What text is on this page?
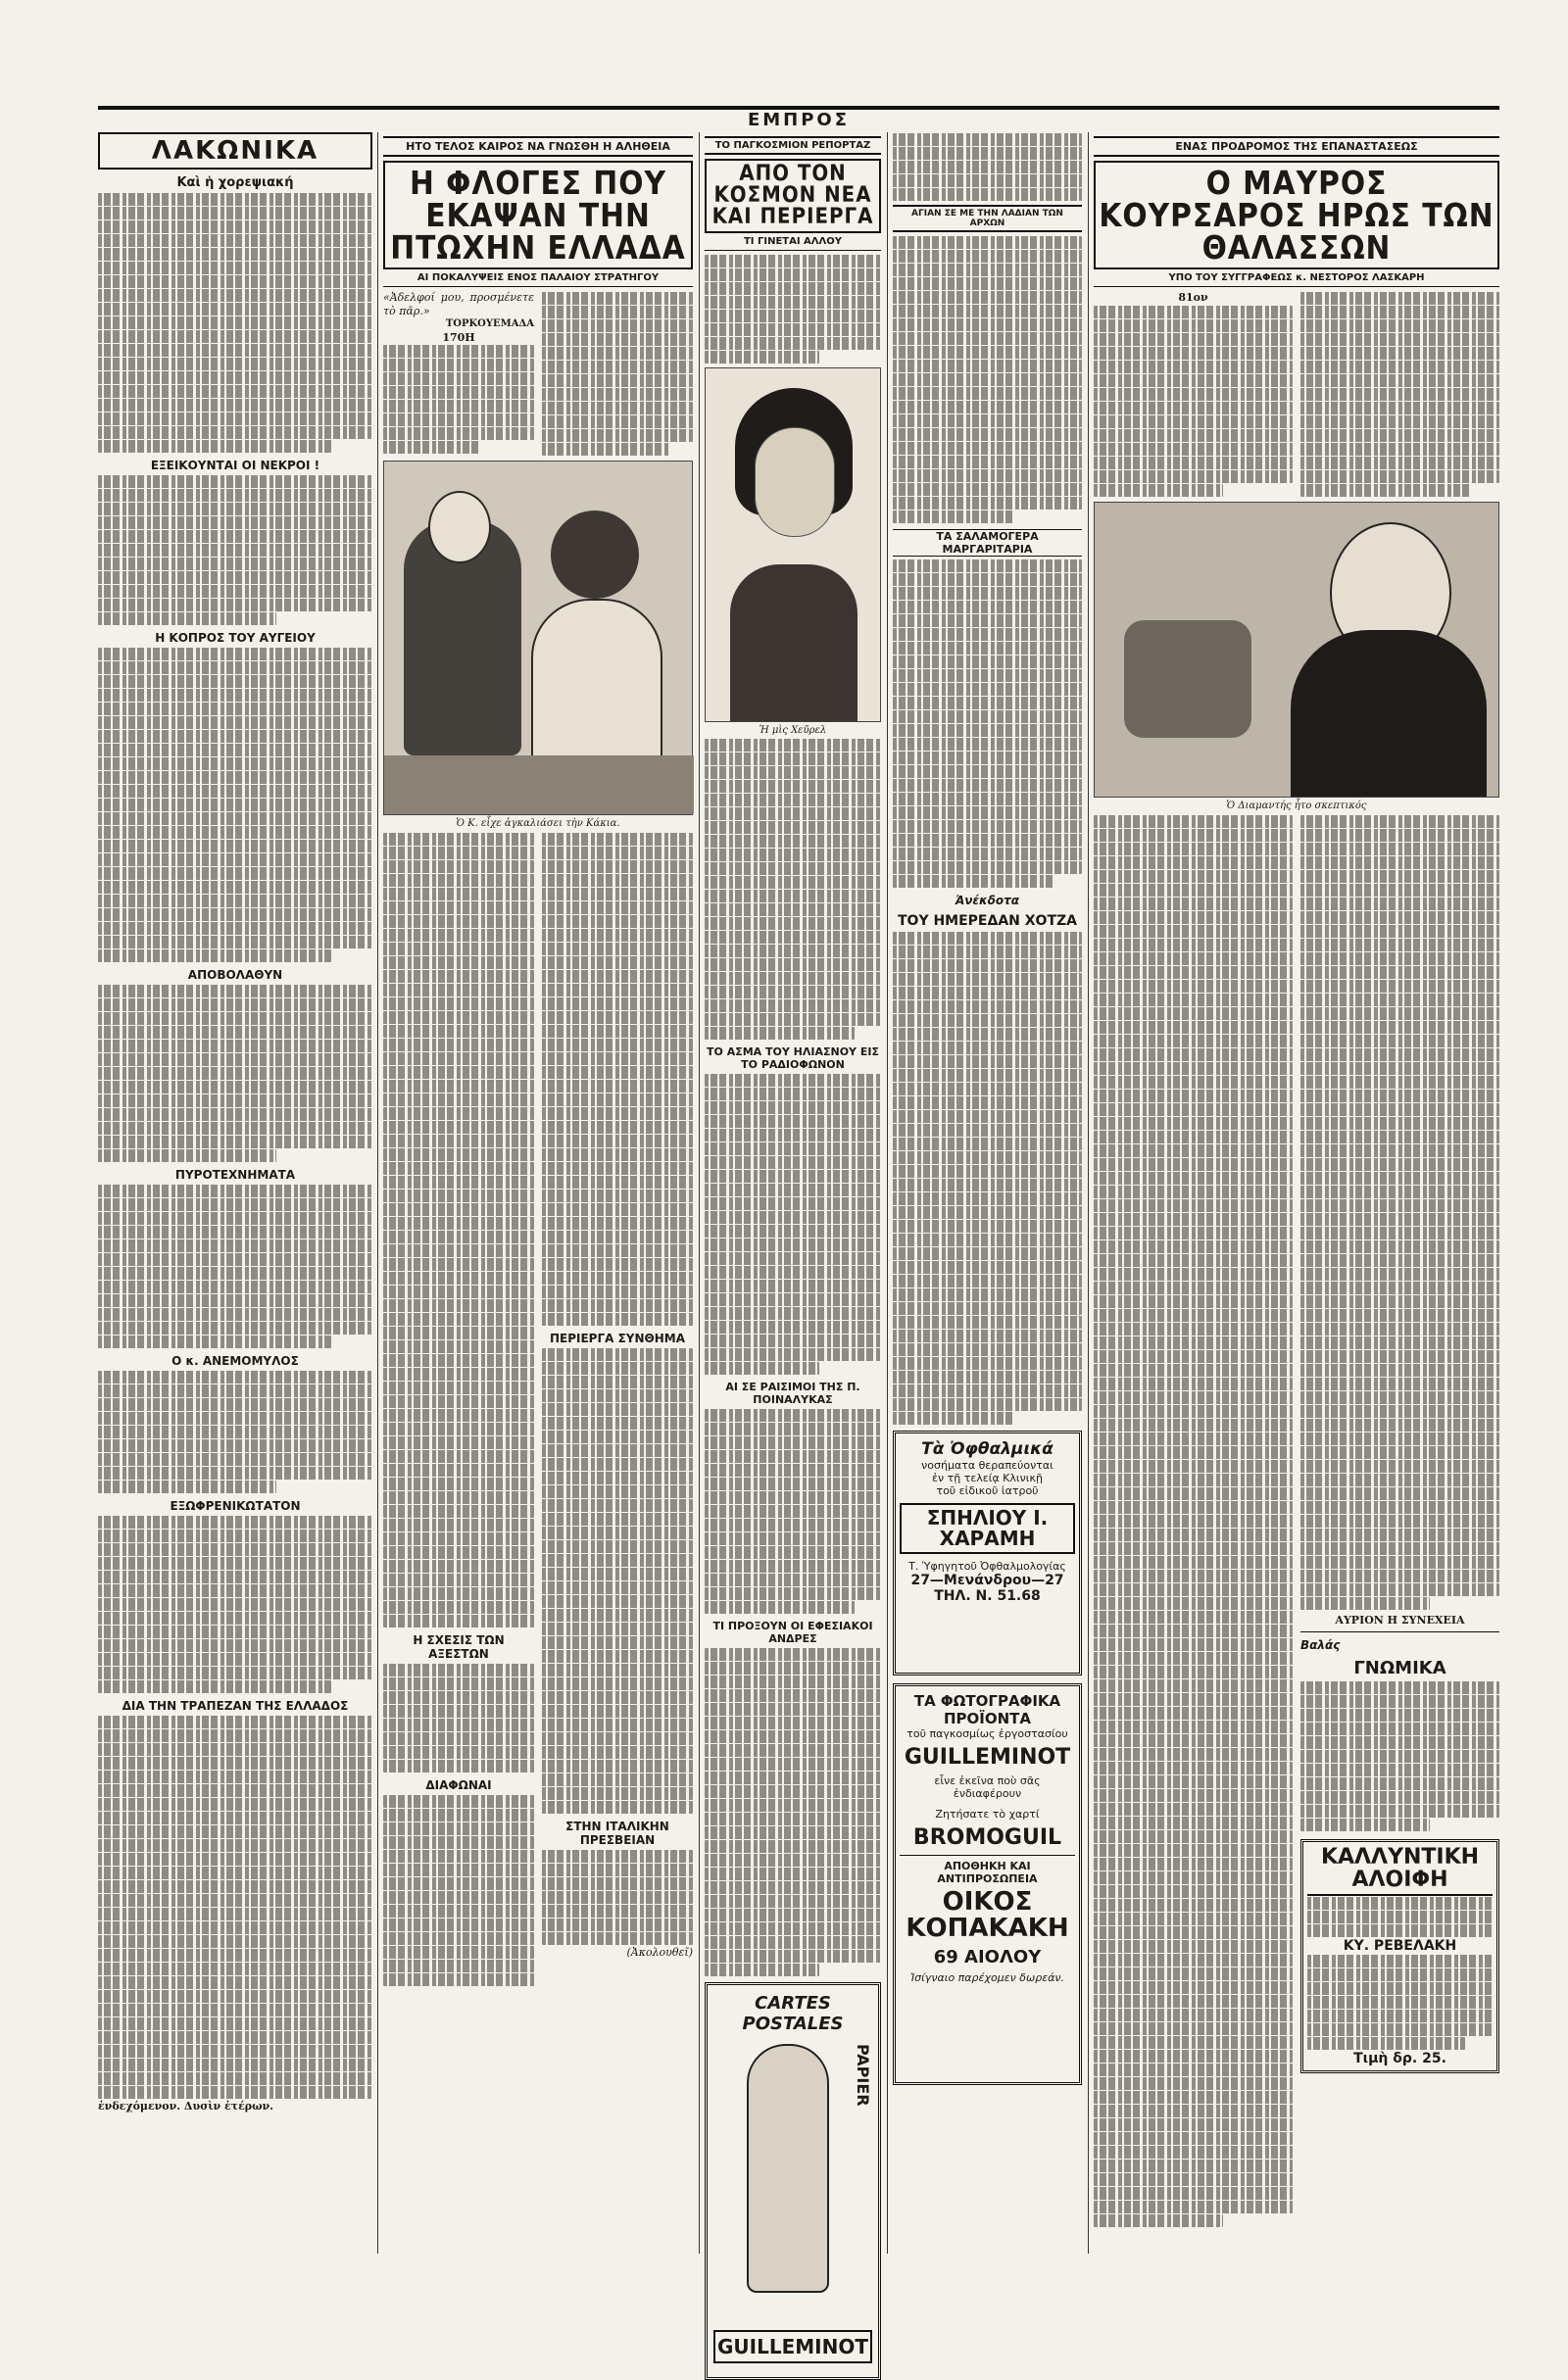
ΕΜΠΡΟΣ
ΛΑΚΩΝΙΚΑ
Καὶ ἡ χορεψιακή
ΕΞΕΙΚΟΥΝΤΑΙ ΟΙ ΝΕΚΡΟΙ !
Η ΚΟΠΡΟΣ ΤΟΥ ΑΥΓΕΙΟΥ
ΑΠΟΒΟΛΑΘΥΝ
ΠΥΡΟΤΕΧΝΗΜΑΤΑ
Ο κ. ΑΝΕΜΟΜΥΛΟΣ
ΕΞΩΦΡΕΝΙΚΩΤΑΤΟΝ
ΔΙΑ ΤΗΝ ΤΡΑΠΕΖΑΝ ΤΗΣ ΕΛΛΑΔΟΣ

ἐνδεχόμενον. Δυσὶν ἑτέρων.

ΗΤΟ ΤΕΛΟΣ ΚΑΙΡΟΣ ΝΑ ΓΝΩΣΘΗ Η ΑΛΗΘΕΙΑ
Η ΦΛΟΓΕΣ ΠΟΥ ΕΚΑΨΑΝ ΤΗΝ ΠΤΩΧΗΝ ΕΛΛΑΔΑ
ΑΙ ΠΟΚΑΛΥΨΕΙΣ ΕΝΟΣ ΠΑΛΑΙΟΥ ΣΤΡΑΤΗΓΟΥ

«Ἀδελφοί μου, προσμένετε τὸ πᾶρ.»

ΤΟΡΚΟΥΕΜΑΔΑ

170Η

Ὁ Κ. εἶχε ἀγκαλιάσει τὴν Κάκια.
Η ΣΧΕΣΙΣ ΤΩΝ ΑΞΕΣΤΩΝ
ΔΙΑΦΩΝΑΙ
ΠΕΡΙΕΡΓΑ ΣΥΝΘΗΜΑ
ΣΤΗΝ ΙΤΑΛΙΚΗΝ ΠΡΕΣΒΕΙΑΝ

(Ἀκολουθεῖ)

ΤΟ ΠΑΓΚΟΣΜΙΟΝ ΡΕΠΟΡΤΑΖ
ΑΠΟ ΤΟΝ ΚΟΣΜΟΝ ΝΕΑ ΚΑΙ ΠΕΡΙΕΡΓΑ
ΤΙ ΓΙΝΕΤΑΙ ΑΛΛΟΥ
Ἡ μὶς Χεῦρελ
ΤΟ ΑΣΜΑ ΤΟΥ ΗΛΙΑΣΝΟΥ ΕΙΣ ΤΟ ΡΑΔΙΟΦΩΝΟΝ
ΑΙ ΣΕ ΡΑΙΣΙΜΟΙ ΤΗΣ Π. ΠΟΙΝΑΛΥΚΑΣ
ΤΙ ΠΡΟΞΟΥΝ ΟΙ ΕΦΕΣΙΑΚΟΙ ΑΝΔΡΕΣ
CARTES POSTALES
PAPIER
GUILLEMINOT
ΑΓΙΑΝ ΣΕ ΜΕ ΤΗΝ ΛΑΔΙΑΝ ΤΩΝ ΑΡΧΩΝ
ΤΑ ΣΑΛΑΜΟΓΕΡΑ ΜΑΡΓΑΡΙΤΑΡΙΑ
Ἀνέκδοτα
ΤΟΥ ΗΜΕΡΕΔΑΝ ΧΟΤΖΑ
Τὰ Ὀφθαλμικά
νοσήματα θεραπεύονται
ἐν τῇ τελείᾳ Κλινικῇ
τοῦ εἰδικοῦ ἰατροῦ
ΣΠΗΛΙΟΥ Ι. ΧΑΡΑΜΗ
Τ. Ὑφηγητοῦ Ὀφθαλμολογίας
27—Μενάνδρου—27
ΤΗΛ. Ν. 51.68
ΤΑ ΦΩΤΟΓΡΑΦΙΚΑ ΠΡΟΪΟΝΤΑ
τοῦ παγκοσμίως ἐργοστασίου
GUILLEMINOT
εἶνε ἐκεῖνα ποὺ σᾶς ἐνδιαφέρουν
Ζητήσατε τὸ χαρτί
BROMOGUIL
ΑΠΟΘΗΚΗ ΚΑΙ ΑΝΤΙΠΡΟΣΩΠΕΙΑ
ΟΙΚΟΣ ΚΟΠΑΚΑΚΗ
69 ΑΙΟΛΟΥ
Ἰσίγναιο παρέχομεν δωρεάν.
ΕΝΑΣ ΠΡΟΔΡΟΜΟΣ ΤΗΣ ΕΠΑΝΑΣΤΑΣΕΩΣ
Ο ΜΑΥΡΟΣ ΚΟΥΡΣΑΡΟΣ ΗΡΩΣ ΤΩΝ ΘΑΛΑΣΣΩΝ
ΥΠΟ ΤΟΥ ΣΥΓΓΡΑΦΕΩΣ κ. ΝΕΣΤΟΡΟΣ ΛΑΣΚΑΡΗ

81ον

Ὁ Διαμαντής ἦτο σκεπτικός

ΑΥΡΙΟΝ Η ΣΥΝΕΧΕΙΑ

Βαλάς
ΓΝΩΜΙΚΑ
ΚΑΛΛΥΝΤΙΚΗ ΑΛΟΙΦΗ
ΚΥ. ΡΕΒΕΛΑΚΗ
Τιμὴ δρ. 25.
